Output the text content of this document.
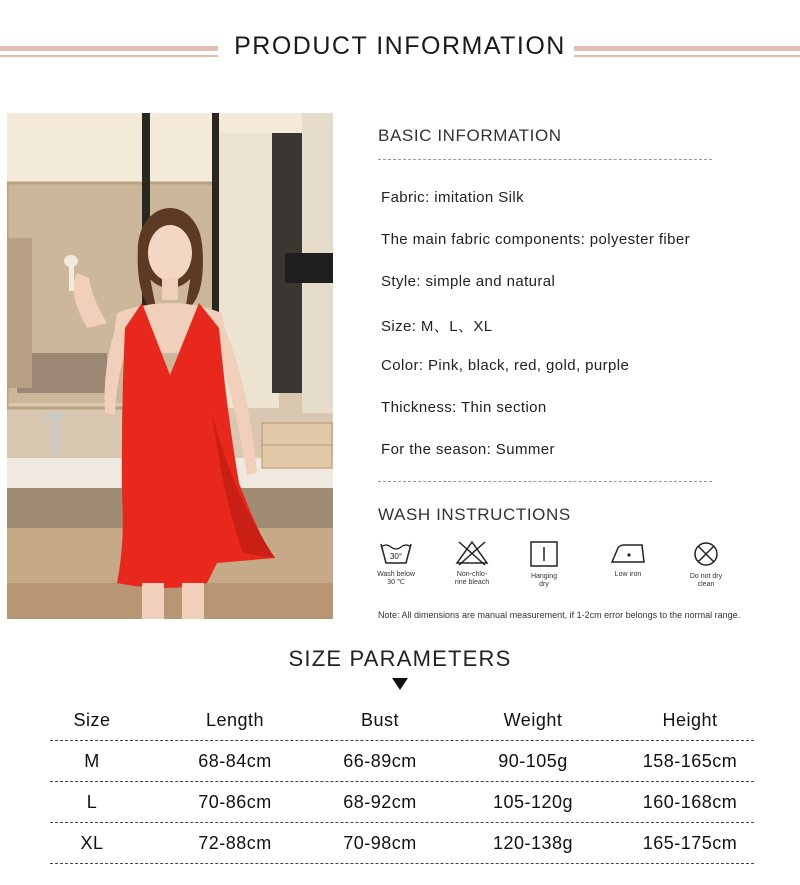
PRODUCT INFORMATION
BASIC INFORMATION
Fabric: imitation Silk
The main fabric components: polyester fiber
Style: simple and natural
Size: M、L、XL
Color: Pink, black, red, gold, purple
Thickness: Thin section
For the season: Summer
WASH INSTRUCTIONS
30°
Wash below
30 ℃
Non-chlo-
rine bleach
Hanging
dry
Low iron	Do not dry
clean
Note: All dimensions are manual measurement, if 1-2cm error belongs to the normal range.
SIZE PARAMETERS
Size	Length	Bust	Weight	Height
M	68-84cm	66-89cm	90-105g	158-165cm
L	70-86cm	68-92cm	105-120g	160-168cm
XL	72-88cm	70-98cm	120-138g	165-175cm
